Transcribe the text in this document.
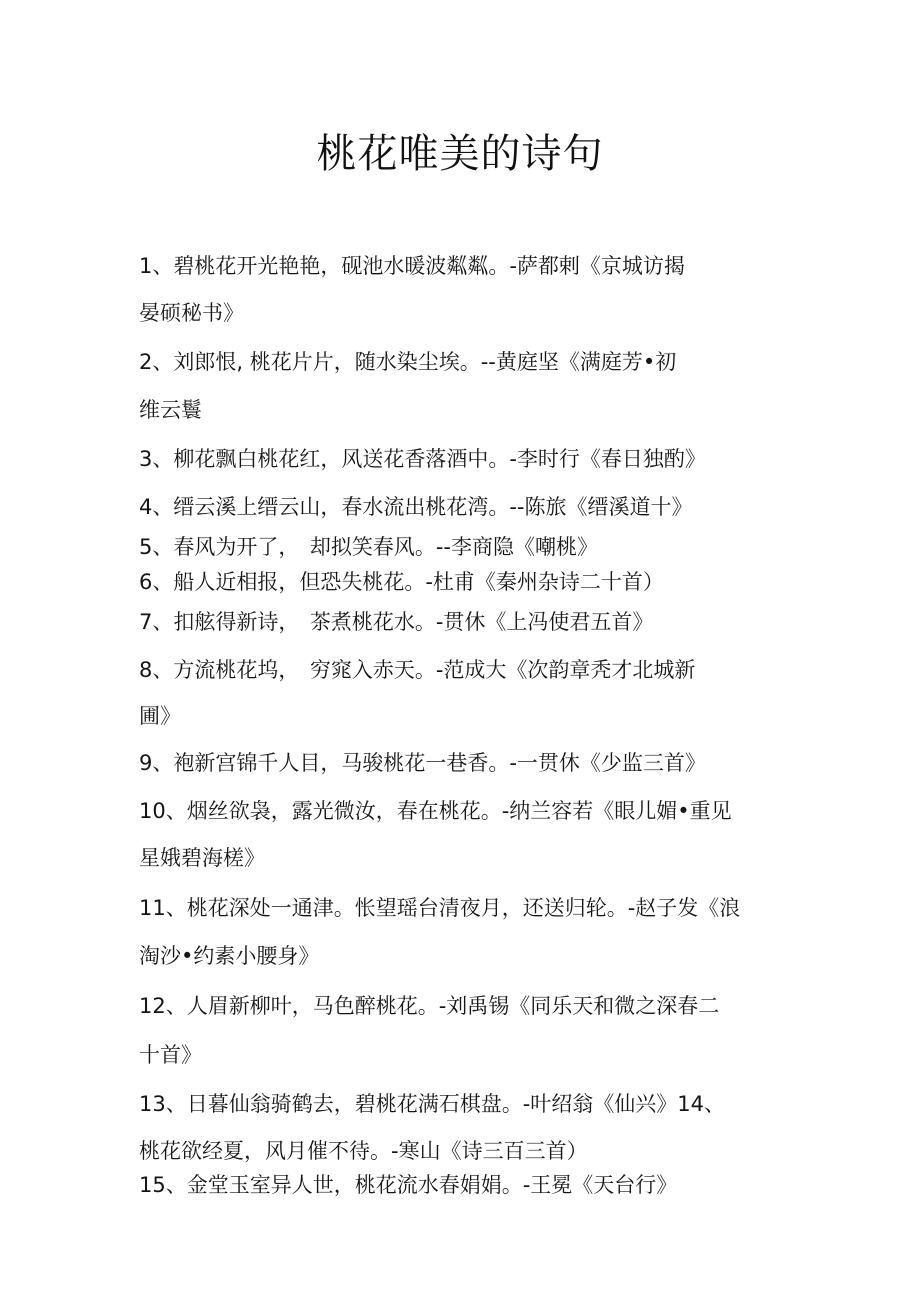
桃花唯美的诗句
1、碧桃花开光艳艳，砚池水暖波粼粼。-萨都剌《京城访揭
晏硕秘书》
2、刘郎恨, 桃花片片，随水染尘埃。--黄庭坚《满庭芳•初
维云鬟
3、柳花飘白桃花红，风送花香落酒中。-李时行《春日独酌》
4、缙云溪上缙云山，春水流出桃花湾。--陈旅《缙溪道十》
5、春风为开了，　却拟笑春风。--李商隐《嘲桃》
6、船人近相报，但恐失桃花。-杜甫《秦州杂诗二十首）
7、扣舷得新诗，　茶煮桃花水。-贯休《上冯使君五首》
8、方流桃花坞，　穷窕入赤天。-范成大《次韵章秃才北城新
圃》
9、袍新宫锦千人目，马骏桃花一巷香。-一贯休《少监三首》
10、烟丝欲袅，露光微汝，春在桃花。-纳兰容若《眼儿媚•重见
星娥碧海槎》
11、桃花深处一通津。怅望瑶台清夜月，还送归轮。-赵子发《浪
淘沙•约素小腰身》
12、人眉新柳叶，马色醉桃花。-刘禹锡《同乐天和微之深春二
十首》
13、日暮仙翁骑鹤去，碧桃花满石棋盘。-叶绍翁《仙兴》14、
桃花欲经夏，风月催不待。-寒山《诗三百三首）
15、金堂玉室异人世，桃花流水春娟娟。-王冕《天台行》
